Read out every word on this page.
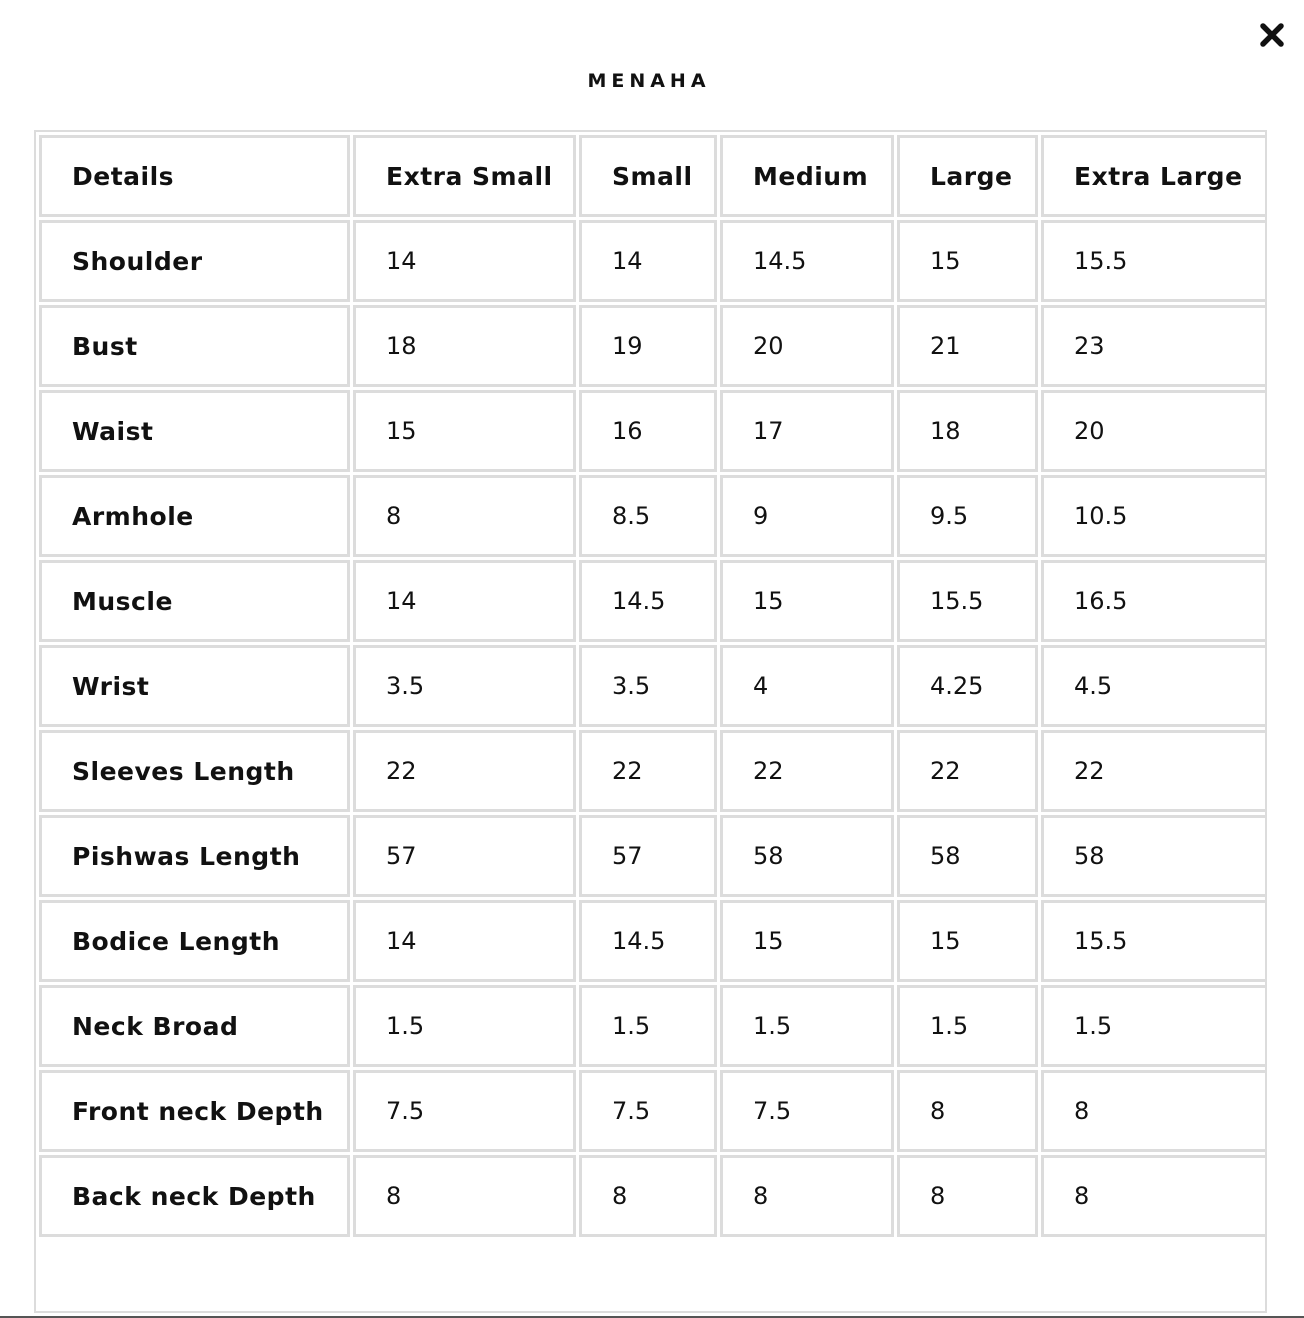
MENAHA
Details	Extra Small	Small	Medium	Large	Extra Large
Shoulder	14	14	14.5	15	15.5
Bust	18	19	20	21	23
Waist	15	16	17	18	20
Armhole	8	8.5	9	9.5	10.5
Muscle	14	14.5	15	15.5	16.5
Wrist	3.5	3.5	4	4.25	4.5
Sleeves Length	22	22	22	22	22
Pishwas Length	57	57	58	58	58
Bodice Length	14	14.5	15	15	15.5
Neck Broad	1.5	1.5	1.5	1.5	1.5
Front neck Depth	7.5	7.5	7.5	8	8
Back neck Depth	8	8	8	8	8
